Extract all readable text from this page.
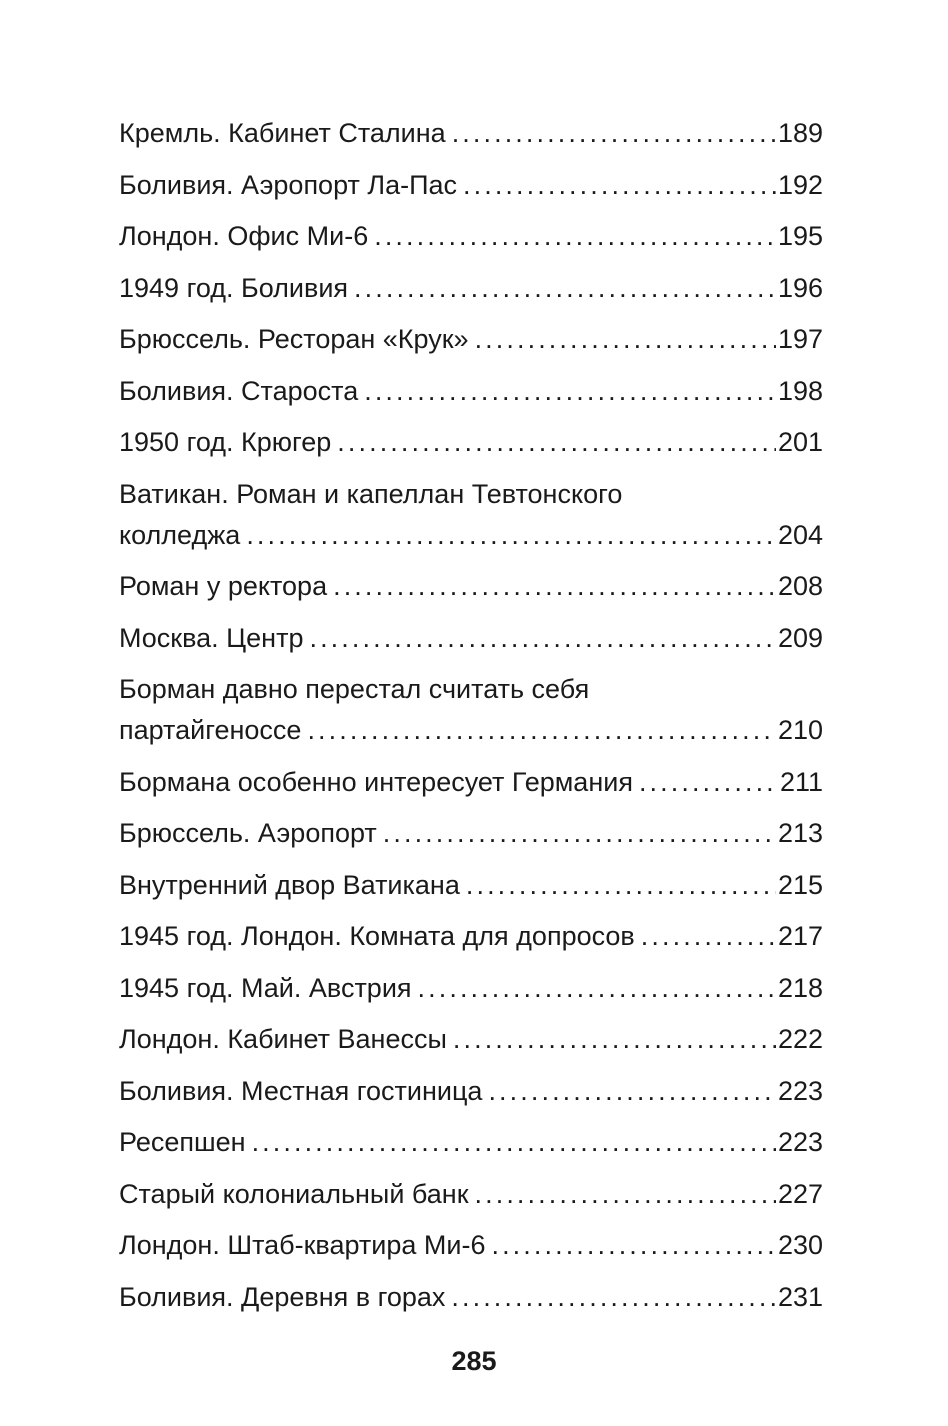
Кремль. Кабинет Сталина . . .	189
Боливия. Аэропорт Ла-Пас . . .	192
Лондон. Офис Ми-6 . . .	195
1949 год. Боливия . . .	196
Брюссель. Ресторан «Крук» . . .	197
Боливия. Староста . . .	198
1950 год. Крюгер . . .	201
Ватикан. Роман и капеллан Тевтонского
колледжа . . .	204
Роман у ректора . . .	208
Москва. Центр . . .	209
Борман давно перестал считать себя
партайгеноссе . . .	210
Бормана особенно интересует Германия . . .	211
Брюссель. Аэропорт . . .	213
Внутренний двор Ватикана . . .	215
1945 год. Лондон. Комната для допросов . . .	217
1945 год. Май. Австрия . . .	218
Лондон. Кабинет Ванессы . . .	222
Боливия. Местная гостиница . . .	223
Ресепшен . . .	223
Старый колониальный банк . . .	227
Лондон. Штаб-квартира Ми-6 . . .	230
Боливия. Деревня в горах . . .	231
285
